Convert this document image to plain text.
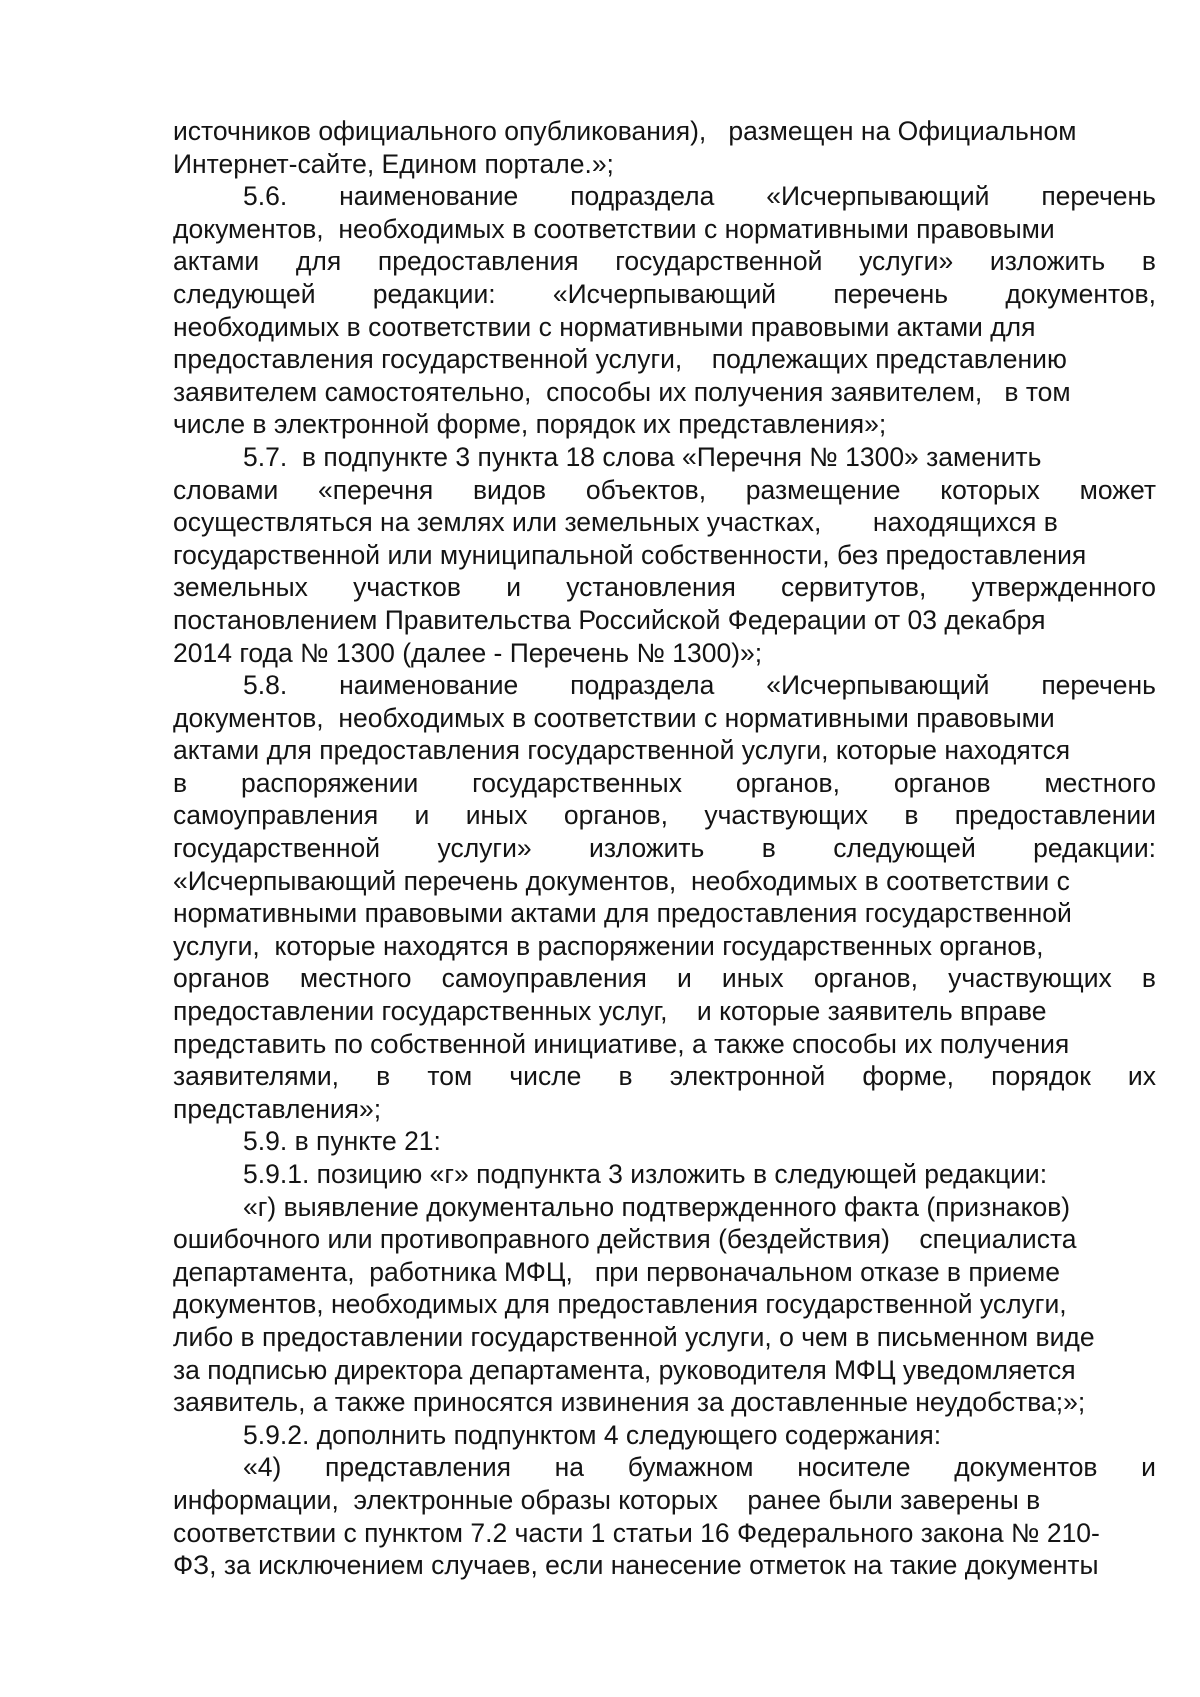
источников официального опубликования),   размещен на Официальном
Интернет-сайте, Едином портале.»;
5.6. наименование подраздела «Исчерпывающий перечень
документов,  необходимых в соответствии с нормативными правовыми
актами для предоставления государственной услуги» изложить в
следующей редакции: «Исчерпывающий перечень документов,
необходимых в соответствии с нормативными правовыми актами для
предоставления государственной услуги,    подлежащих представлению
заявителем самостоятельно,  способы их получения заявителем,   в том
числе в электронной форме, порядок их представления»;
5.7.  в подпункте 3 пункта 18 слова «Перечня № 1300» заменить
словами «перечня видов объектов, размещение которых может
осуществляться на землях или земельных участках,       находящихся в
государственной или муниципальной собственности, без предоставления
земельных участков и установления сервитутов, утвержденного
постановлением Правительства Российской Федерации от 03 декабря
2014 года № 1300 (далее - Перечень № 1300)»;
5.8. наименование подраздела «Исчерпывающий перечень
документов,  необходимых в соответствии с нормативными правовыми
актами для предоставления государственной услуги, которые находятся
в распоряжении государственных органов, органов местного
самоуправления и иных органов, участвующих в предоставлении
государственной услуги» изложить в следующей редакции:
«Исчерпывающий перечень документов,  необходимых в соответствии с
нормативными правовыми актами для предоставления государственной
услуги,  которые находятся в распоряжении государственных органов,
органов местного самоуправления и иных органов, участвующих в
предоставлении государственных услуг,    и которые заявитель вправе
представить по собственной инициативе, а также способы их получения
заявителями, в том числе в электронной форме, порядок их
представления»;
5.9. в пункте 21:
5.9.1. позицию «г» подпункта 3 изложить в следующей редакции:
«г) выявление документально подтвержденного факта (признаков)
ошибочного или противоправного действия (бездействия)    специалиста
департамента,  работника МФЦ,   при первоначальном отказе в приеме
документов, необходимых для предоставления государственной услуги,
либо в предоставлении государственной услуги, о чем в письменном виде
за подписью директора департамента, руководителя МФЦ уведомляется
заявитель, а также приносятся извинения за доставленные неудобства;»;
5.9.2. дополнить подпунктом 4 следующего содержания:
«4) представления на бумажном носителе документов и
информации,  электронные образы которых    ранее были заверены в
соответствии с пунктом 7.2 части 1 статьи 16 Федерального закона № 210-
ФЗ, за исключением случаев, если нанесение отметок на такие документы
